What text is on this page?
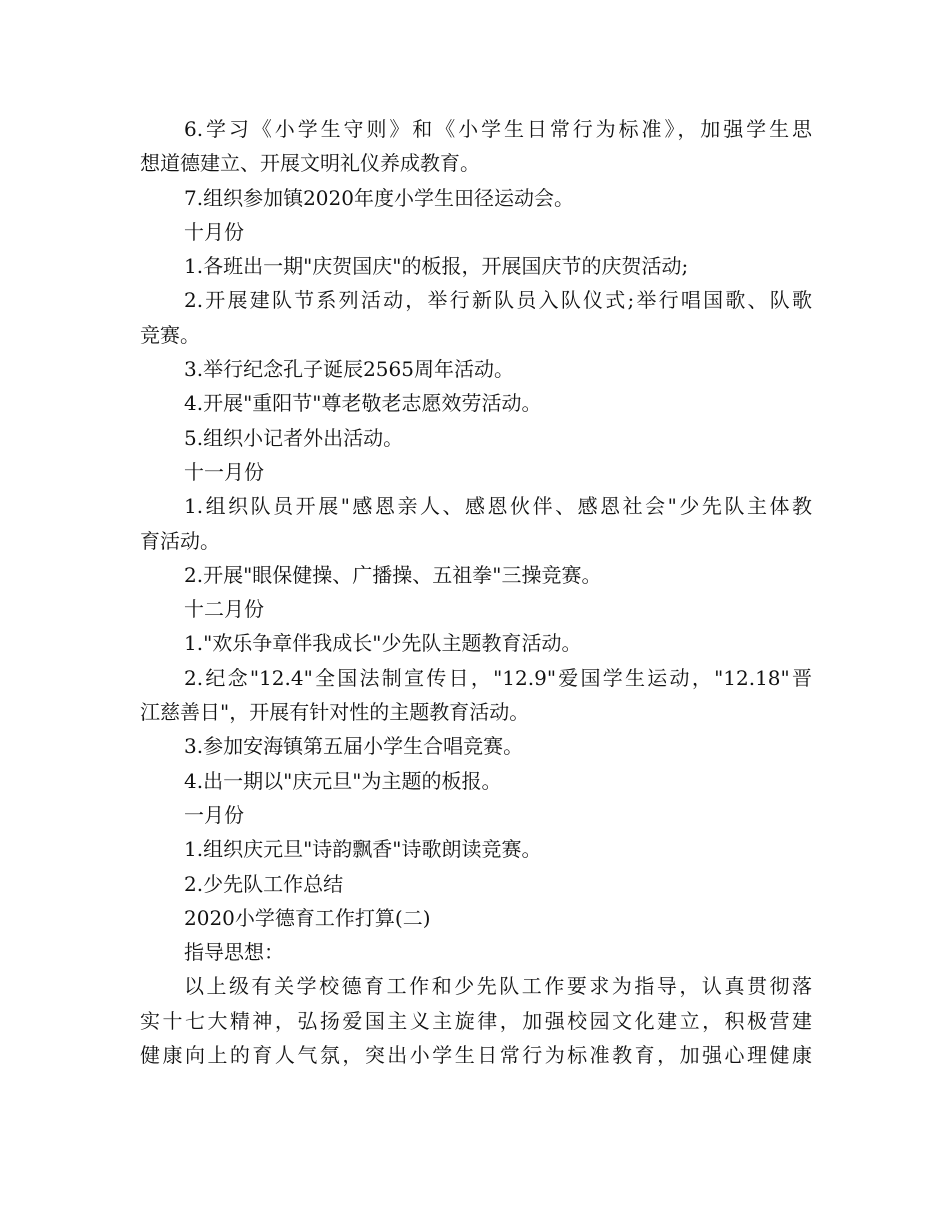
6.学习《小学生守则》和《小学生日常行为标准》，加强学生思
想道德建立、开展文明礼仪养成教育。
7.组织参加镇2020年度小学生田径运动会。
十月份
1.各班出一期"庆贺国庆"的板报，开展国庆节的庆贺活动;
2.开展建队节系列活动，举行新队员入队仪式;举行唱国歌、队歌
竞赛。
3.举行纪念孔子诞辰2565周年活动。
4.开展"重阳节"尊老敬老志愿效劳活动。
5.组织小记者外出活动。
十一月份
1.组织队员开展"感恩亲人、感恩伙伴、感恩社会"少先队主体教
育活动。
2.开展"眼保健操、广播操、五祖拳"三操竞赛。
十二月份
1."欢乐争章伴我成长"少先队主题教育活动。
2.纪念"12.4"全国法制宣传日，"12.9"爱国学生运动，"12.18"晋
江慈善日"，开展有针对性的主题教育活动。
3.参加安海镇第五届小学生合唱竞赛。
4.出一期以"庆元旦"为主题的板报。
一月份
1.组织庆元旦"诗韵飘香"诗歌朗读竞赛。
2.少先队工作总结
2020小学德育工作打算(二)
指导思想：
以上级有关学校德育工作和少先队工作要求为指导，认真贯彻落
实十七大精神，弘扬爱国主义主旋律，加强校园文化建立，积极营建
健康向上的育人气氛，突出小学生日常行为标准教育，加强心理健康
